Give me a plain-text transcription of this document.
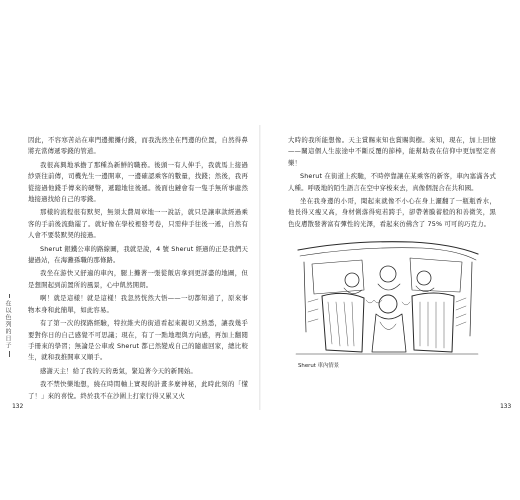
因此，不容寒苦站在車門邊搬攤付錢，而我洗然坐在門邊的位置，自然得鼻將充當傳遞零錢的管道。

我很高興地承擔了那種為新鮮的職務。後頭一有人伸手，我就馬上接過紗票往前傳，司機先生一邊開車，一邊確認乘客的數量，找錢；然後，我再從接過他錢手傳來的硬幣，遞聽地往後遞。後面也鏈會有一隻手無所事處然地接過找給自己的零錢。

那樣的流程很有默契，無須太費周章地一一說話，就只是讓車款經過乘客的手前後流動罷了。就好像在學校裡發考卷，只需伸手往後一遞，自然有人會不要裝默契的接過。

Sherut 銀鐵公車的路線圖，我就是說，4 號 Sherut 經過的正是我們天捷過站，在海灘孫職的那條路。

我坐在游快又舒適的車內，腿上攤著一張從飯店拿到更詳盡的地圖，但是想開起到前置所的風景，心中飢然開朗。

啊！就是這樣！就是這樣！我忽然恍然大悟——一切都知道了，原來事物本身和此簡單，如此容易。

有了第一次的探路經驗，特拉維夫的街道看起來親切又熟悉，讓我幾乎要對你日的自己感覺不可思議；現在，有了一點地理與方向感，再加上翻閱手冊來的學習；無論是公車或 Sherut 都已然變成自己的隨處回家，總比較生，就和我推開車又順手。

感謝天主！給了我的天的勇氣，緊迫著今天的新開始。

我不禁快樂地想，繞在時間軸上實現的計畫多麼神秘，此時此刻的「懂了！」來的喜悅。終於我不在沙圍上打家行得又累又火

在以色列的日子
132

大時的我所能想像。天主賞賜來知也賞賜與樹。來知，現在，加上回憶——關這個人生旅途中不斷反覆的節棒，能幫助我在信仰中更加堅定喜樂！

Sherut 在街道上疾馳，不時停靠讓在某乘客的新客，車內塞滿各式人種。呼吸地的陌生語言在空中穿梭來去，真像個混合在共和國。

坐在我身邊的小哥，聞起來就像不小心在身上灑翻了一瓶瓶香水，他長得又瘦又高，身材俐落得宛若跨手，卻帶著膜蓄般的和善微笑，黑色皮膚散發著富有彈性的光澤，看起來彷佛含了 75% 可可的巧克力。

Sherut 車內情景
133
